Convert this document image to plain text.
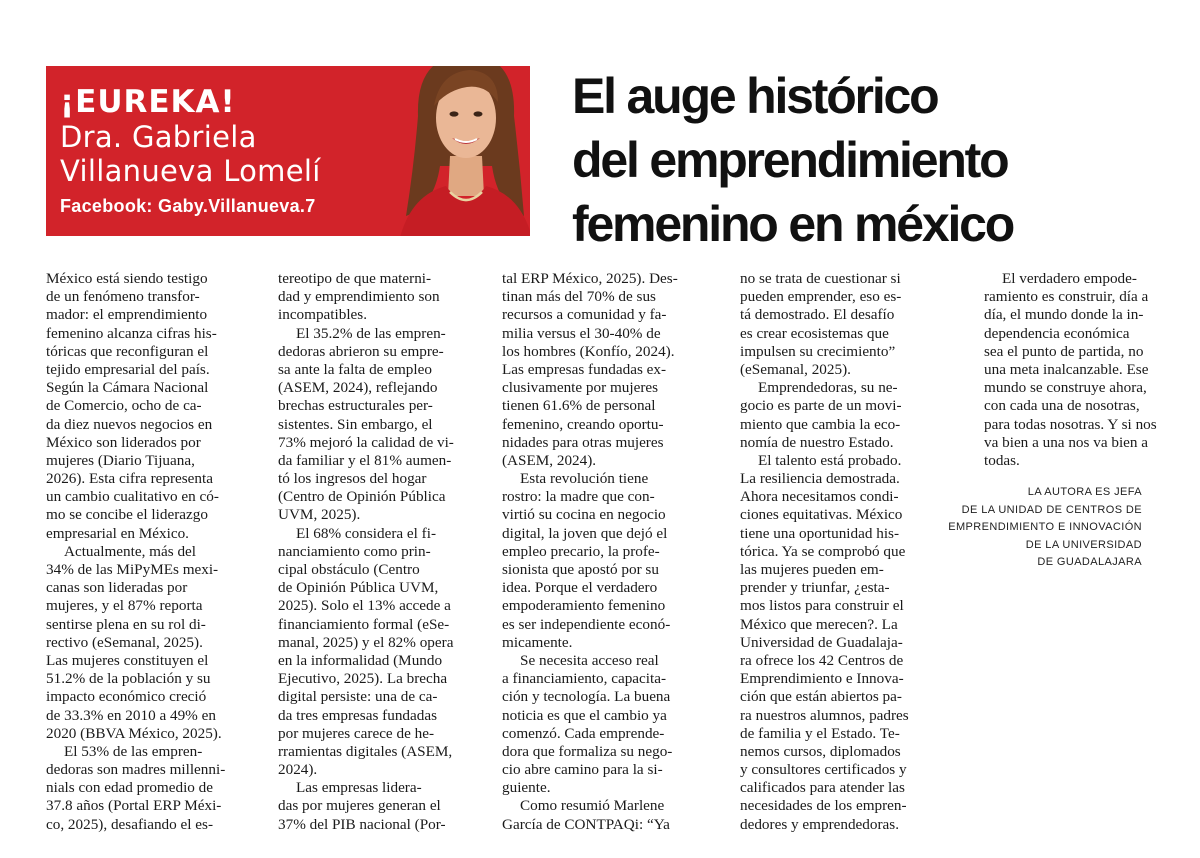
¡EUREKA!
Dra. Gabriela
Villanueva Lomelí
Facebook: Gaby.Villanueva.7
El auge histórico
del emprendimiento
femenino en méxico
México está siendo testigo
de un fenómeno transfor-
mador: el emprendimiento
femenino alcanza cifras his-
tóricas que reconfiguran el
tejido empresarial del país.
Según la Cámara Nacional
de Comercio, ocho de ca-
da diez nuevos negocios en
México son liderados por
mujeres (Diario Tijuana,
2026). Esta cifra representa
un cambio cualitativo en có-
mo se concibe el liderazgo
empresarial en México.
Actualmente, más del
34% de las MiPyMEs mexi-
canas son lideradas por
mujeres, y el 87% reporta
sentirse plena en su rol di-
rectivo (eSemanal, 2025).
Las mujeres constituyen el
51.2% de la población y su
impacto económico creció
de 33.3% en 2010 a 49% en
2020 (BBVA México, 2025).
El 53% de las empren-
dedoras son madres millenni-
nials con edad promedio de
37.8 años (Portal ERP Méxi-
co, 2025), desafiando el es-
tereotipo de que materni-
dad y emprendimiento son
incompatibles.
El 35.2% de las empren-
dedoras abrieron su empre-
sa ante la falta de empleo
(ASEM, 2024), reflejando
brechas estructurales per-
sistentes. Sin embargo, el
73% mejoró la calidad de vi-
da familiar y el 81% aumen-
tó los ingresos del hogar
(Centro de Opinión Pública
UVM, 2025).
El 68% considera el fi-
nanciamiento como prin-
cipal obstáculo (Centro
de Opinión Pública UVM,
2025). Solo el 13% accede a
financiamiento formal (eSe-
manal, 2025) y el 82% opera
en la informalidad (Mundo
Ejecutivo, 2025). La brecha
digital persiste: una de ca-
da tres empresas fundadas
por mujeres carece de he-
rramientas digitales (ASEM,
2024).
Las empresas lidera-
das por mujeres generan el
37% del PIB nacional (Por-
tal ERP México, 2025). Des-
tinan más del 70% de sus
recursos a comunidad y fa-
milia versus el 30-40% de
los hombres (Konfío, 2024).
Las empresas fundadas ex-
clusivamente por mujeres
tienen 61.6% de personal
femenino, creando oportu-
nidades para otras mujeres
(ASEM, 2024).
Esta revolución tiene
rostro: la madre que con-
virtió su cocina en negocio
digital, la joven que dejó el
empleo precario, la profe-
sionista que apostó por su
idea. Porque el verdadero
empoderamiento femenino
es ser independiente econó-
micamente.
Se necesita acceso real
a financiamiento, capacita-
ción y tecnología. La buena
noticia es que el cambio ya
comenzó. Cada emprende-
dora que formaliza su nego-
cio abre camino para la si-
guiente.
Como resumió Marlene
García de CONTPAQi: “Ya
no se trata de cuestionar si
pueden emprender, eso es-
tá demostrado. El desafío
es crear ecosistemas que
impulsen su crecimiento”
(eSemanal, 2025).
Emprendedoras, su ne-
gocio es parte de un movi-
miento que cambia la eco-
nomía de nuestro Estado.
El talento está probado.
La resiliencia demostrada.
Ahora necesitamos condi-
ciones equitativas. México
tiene una oportunidad his-
tórica. Ya se comprobó que
las mujeres pueden em-
prender y triunfar, ¿esta-
mos listos para construir el
México que merecen?. La
Universidad de Guadalaja-
ra ofrece los 42 Centros de
Emprendimiento e Innova-
ción que están abiertos pa-
ra nuestros alumnos, padres
de familia y el Estado. Te-
nemos cursos, diplomados
y consultores certificados y
calificados para atender las
necesidades de los empren-
dedores y emprendedoras.
El verdadero empode-
ramiento es construir, día a
día, el mundo donde la in-
dependencia económica
sea el punto de partida, no
una meta inalcanzable. Ese
mundo se construye ahora,
con cada una de nosotras,
para todas nosotras. Y si nos
va bien a una nos va bien a
todas.
LA AUTORA ES JEFA
DE LA UNIDAD DE CENTROS DE
EMPRENDIMIENTO E INNOVACIÓN
DE LA UNIVERSIDAD
DE GUADALAJARA
